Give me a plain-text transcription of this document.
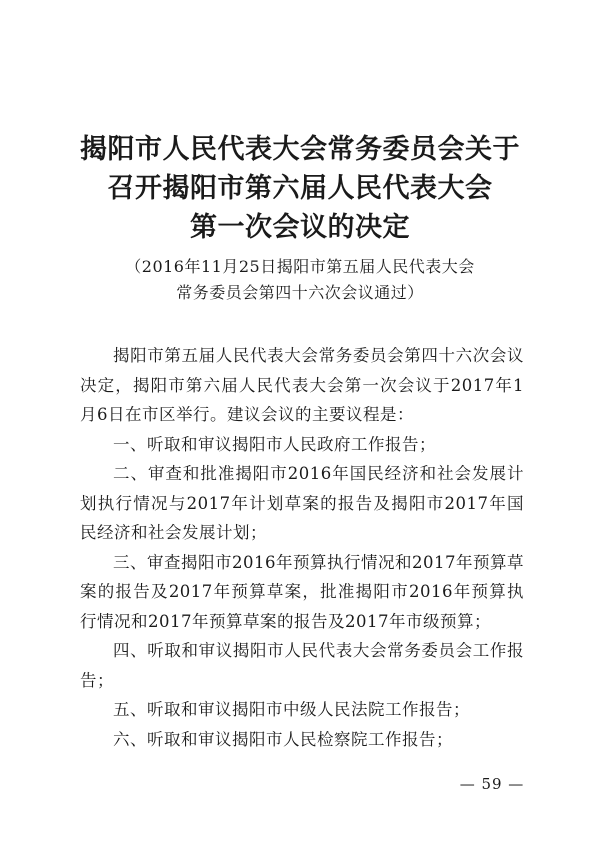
揭阳市人民代表大会常务委员会关于
召开揭阳市第六届人民代表大会
第一次会议的决定
（2016年11月25日揭阳市第五届人民代表大会
常务委员会第四十六次会议通过）

揭阳市第五届人民代表大会常务委员会第四十六次会议决定，揭阳市第六届人民代表大会第一次会议于2017年1月6日在市区举行。建议会议的主要议程是：

一、听取和审议揭阳市人民政府工作报告；

二、审查和批准揭阳市2016年国民经济和社会发展计划执行情况与2017年计划草案的报告及揭阳市2017年国民经济和社会发展计划；

三、审查揭阳市2016年预算执行情况和2017年预算草案的报告及2017年预算草案，批准揭阳市2016年预算执行情况和2017年预算草案的报告及2017年市级预算；

四、听取和审议揭阳市人民代表大会常务委员会工作报告；

五、听取和审议揭阳市中级人民法院工作报告；

六、听取和审议揭阳市人民检察院工作报告；

— 59 —
